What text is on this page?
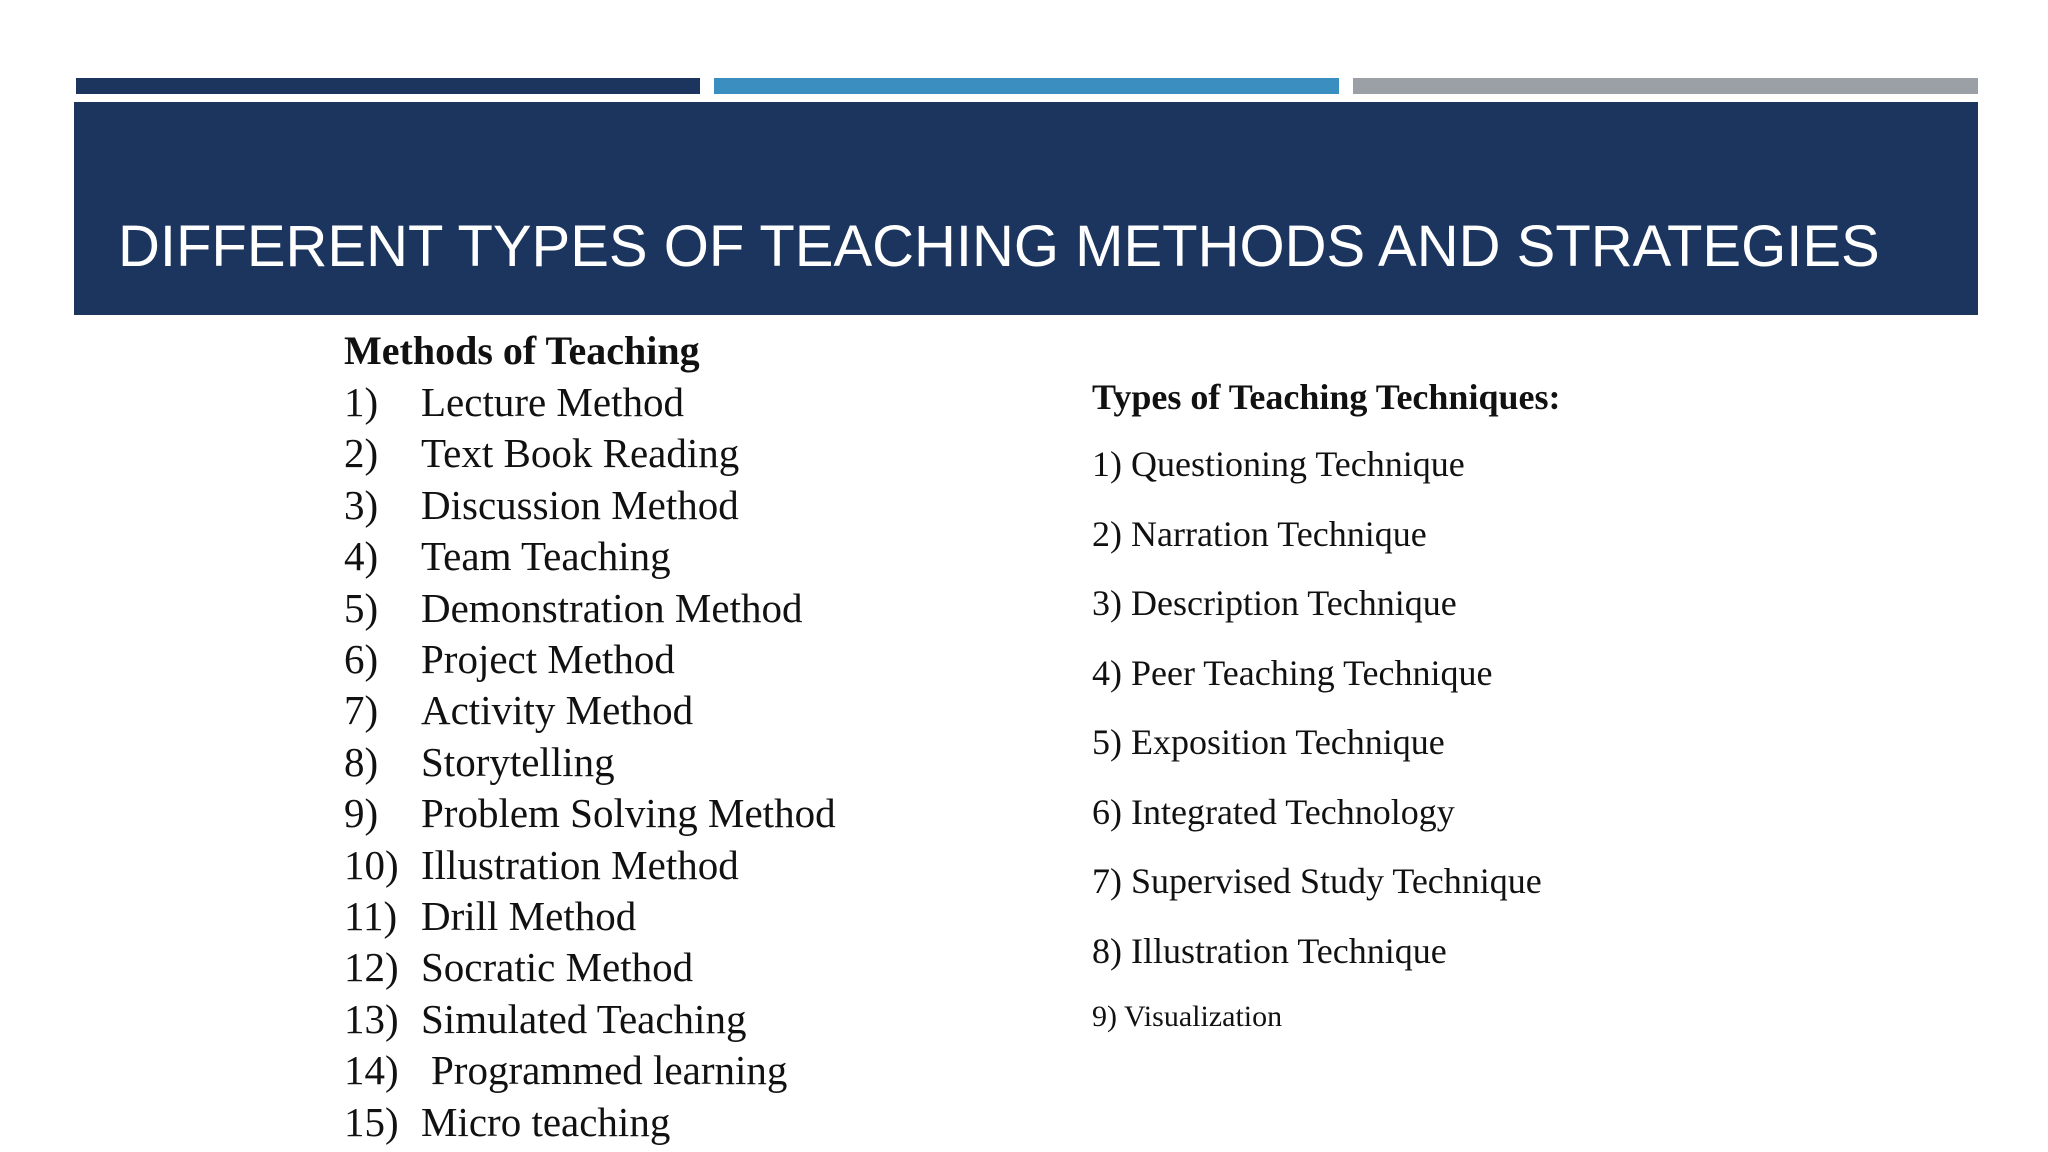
DIFFERENT TYPES OF TEACHING METHODS AND STRATEGIES
Methods of Teaching
1)	Lecture Method
2)	Text Book Reading
3)	Discussion Method
4)	Team Teaching
5)	Demonstration Method
6)	Project Method
7)	Activity Method
8)	Storytelling
9)	Problem Solving Method
10) Illustration Method
11) Drill Method
12) Socratic Method
13) Simulated Teaching
14) Programmed learning
15) Micro teaching
Types of Teaching Techniques:
1) Questioning Technique
2) Narration Technique
3) Description Technique
4) Peer Teaching Technique
5) Exposition Technique
6) Integrated Technology
7) Supervised Study Technique
8) Illustration Technique
9) Visualization
